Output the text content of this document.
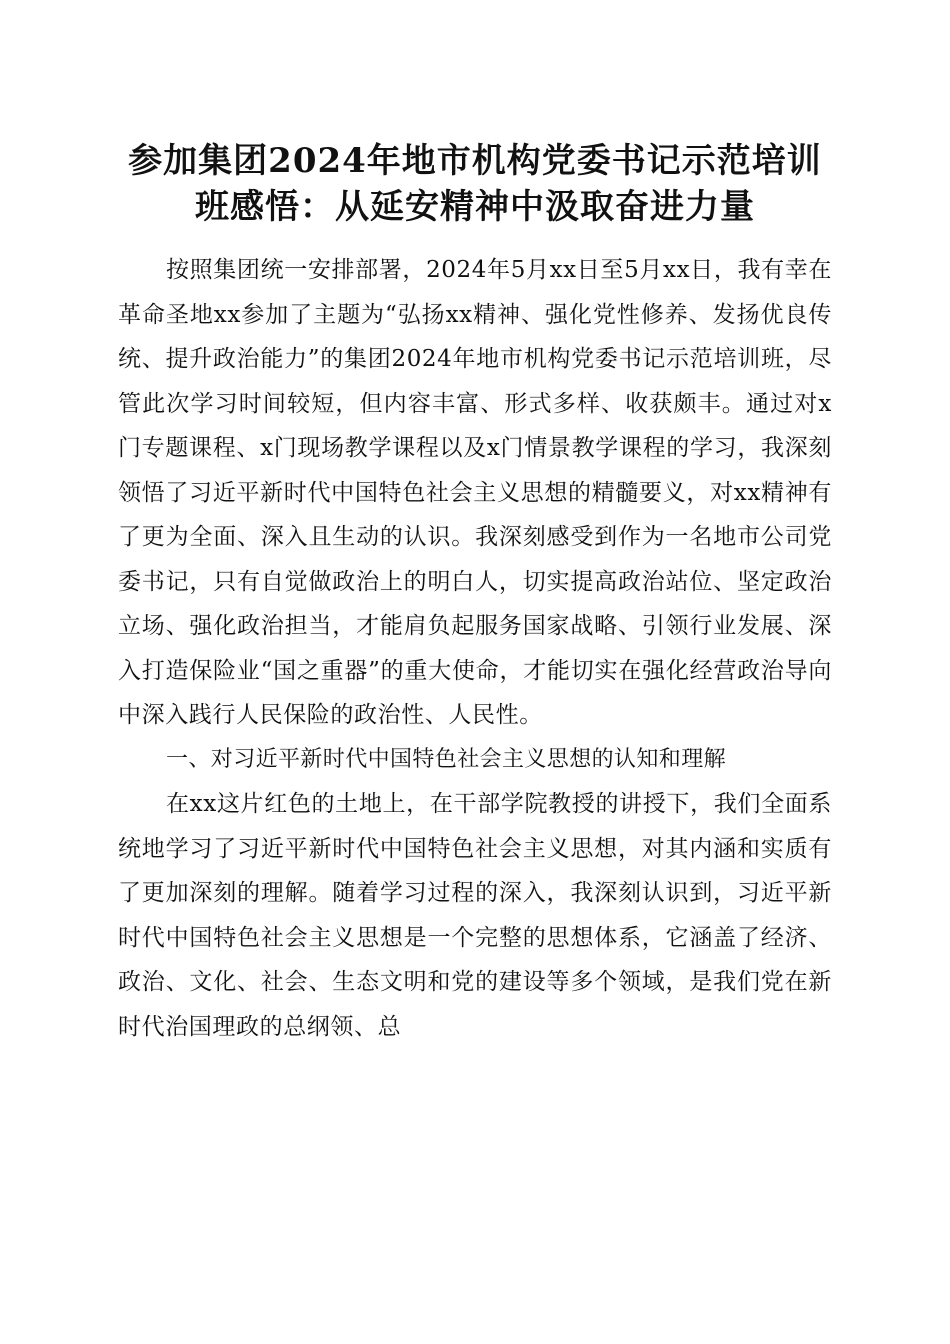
参加集团2024年地市机构党委书记示范培训班感悟：从延安精神中汲取奋进力量

按照集团统一安排部署，2024年5月xx日至5月xx日，我有幸在革命圣地xx参加了主题为“弘扬xx精神、强化党性修养、发扬优良传统、提升政治能力”的集团2024年地市机构党委书记示范培训班，尽管此次学习时间较短，但内容丰富、形式多样、收获颇丰。通过对x门专题课程、x门现场教学课程以及x门情景教学课程的学习，我深刻领悟了习近平新时代中国特色社会主义思想的精髓要义，对xx精神有了更为全面、深入且生动的认识。我深刻感受到作为一名地市公司党委书记，只有自觉做政治上的明白人，切实提高政治站位、坚定政治立场、强化政治担当，才能肩负起服务国家战略、引领行业发展、深入打造保险业“国之重器”的重大使命，才能切实在强化经营政治导向中深入践行人民保险的政治性、人民性。

一、对习近平新时代中国特色社会主义思想的认知和理解

在xx这片红色的土地上，在干部学院教授的讲授下，我们全面系统地学习了习近平新时代中国特色社会主义思想，对其内涵和实质有了更加深刻的理解。随着学习过程的深入，我深刻认识到，习近平新时代中国特色社会主义思想是一个完整的思想体系，它涵盖了经济、政治、文化、社会、生态文明和党的建设等多个领域，是我们党在新时代治国理政的总纲领、总
